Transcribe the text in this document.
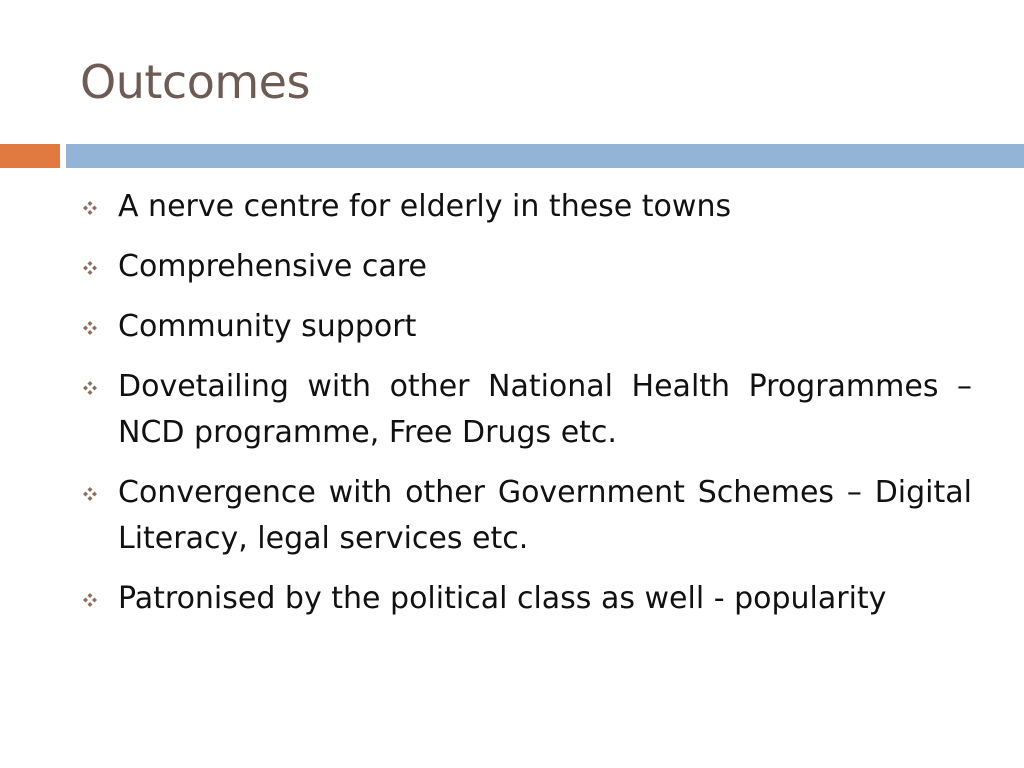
Outcomes
A nerve centre for elderly in these towns
Comprehensive care
Community support
Dovetailing with other National Health Programmes – NCD programme, Free Drugs etc.
Convergence with other Government Schemes – Digital Literacy, legal services etc.
Patronised by the political class as well - popularity
